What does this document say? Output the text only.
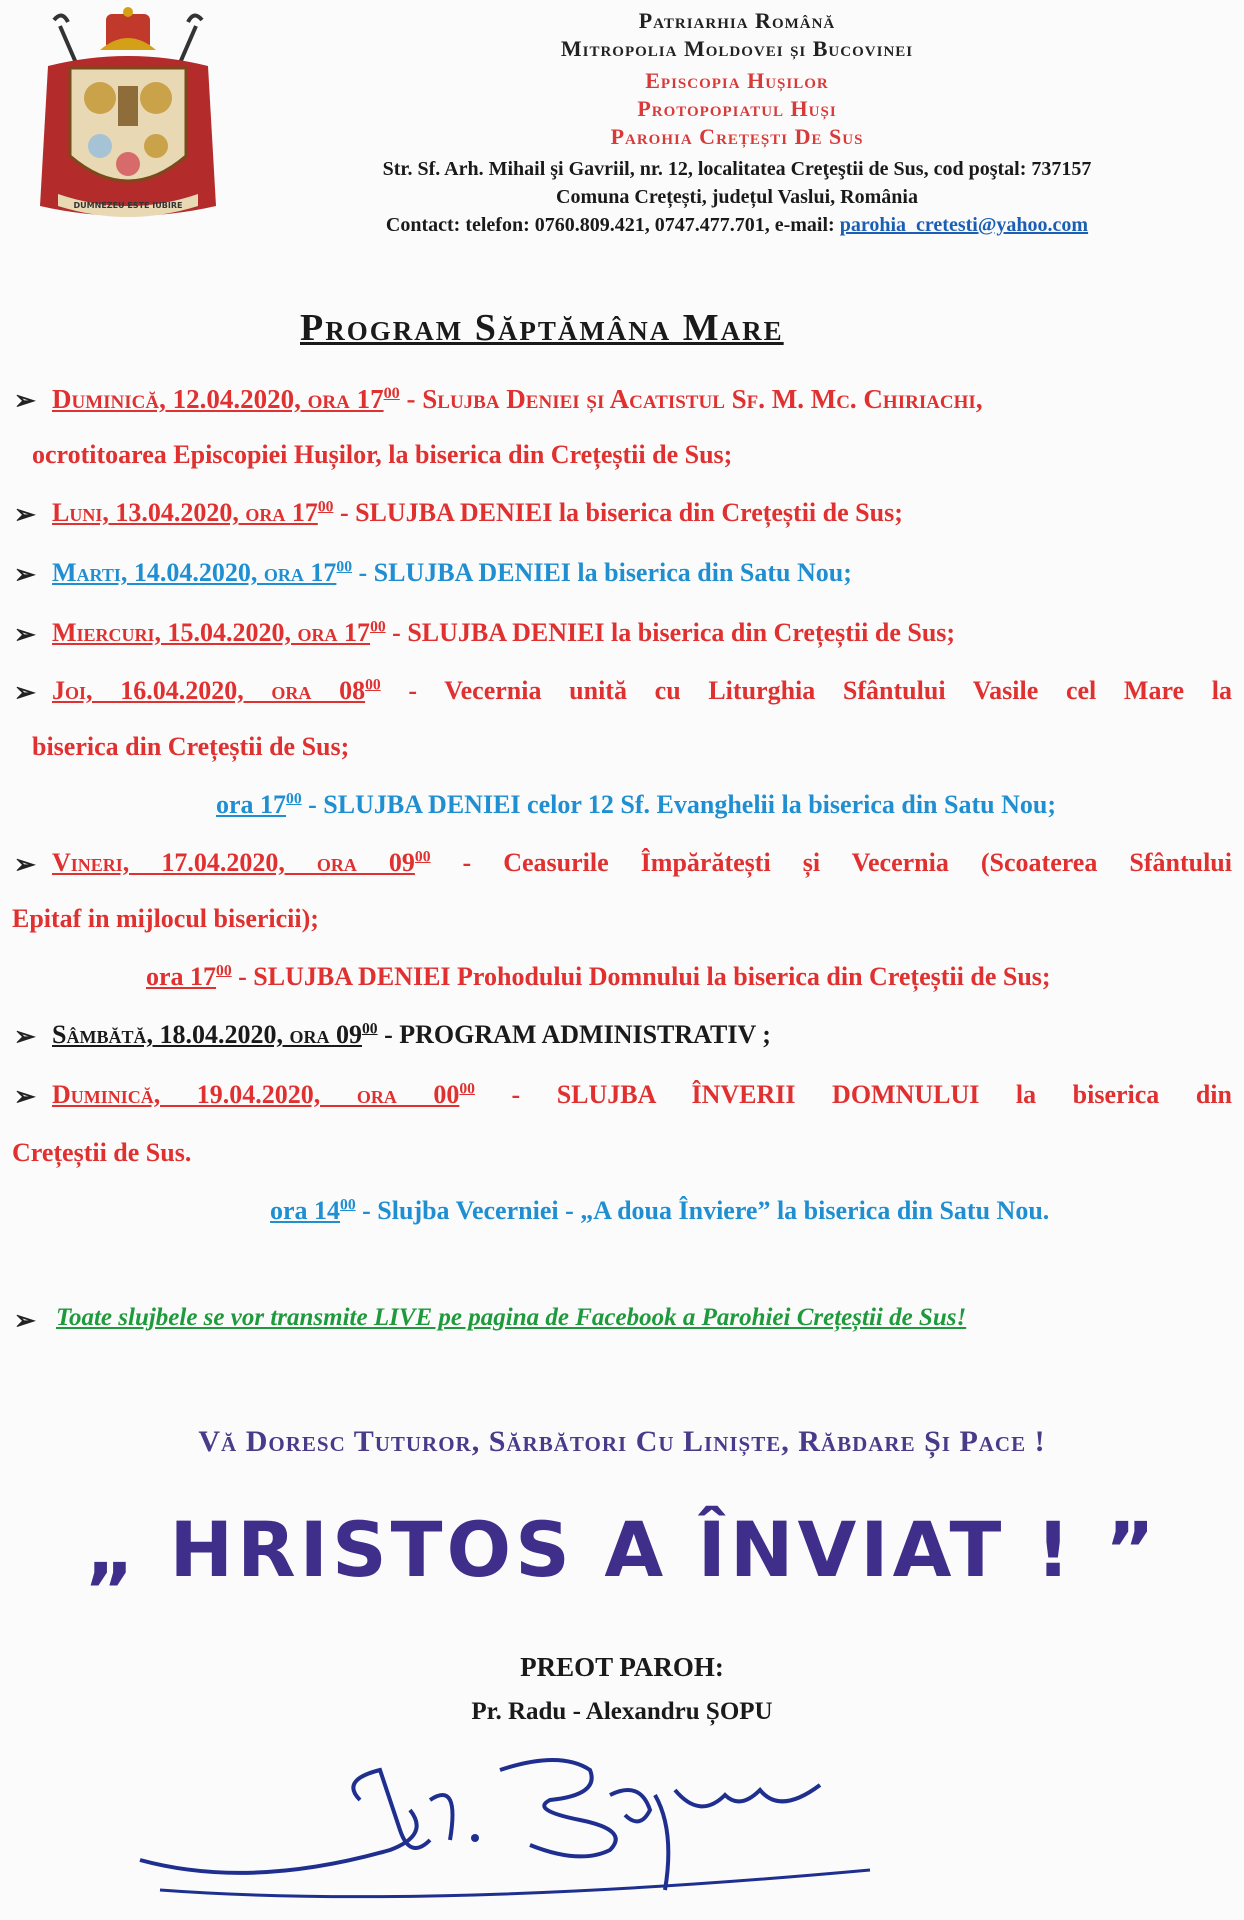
DUMNEZEU ESTE IUBIRE
Patriarhia Română
Mitropolia Moldovei și Bucovinei
Episcopia Hușilor
Protopopiatul Huși
Parohia Crețești De Sus
Str. Sf. Arh. Mihail şi Gavriil, nr. 12, localitatea Creţeştii de Sus, cod poştal: 737157
Comuna Crețești, județul Vaslui, România
Contact: telefon: 0760.809.421, 0747.477.701, e-mail: parohia_cretesti@yahoo.com
Program Săptămâna Mare
➢ Duminică, 12.04.2020, ora $17^{00}$ - Slujba Deniei și Acatistul Sf. M. Mc. Chiriachi,
ocrotitoarea Episcopiei Hușilor, la biserica din Crețeștii de Sus;
➢ Luni, 13.04.2020, ora $17^{00}$ - SLUJBA DENIEI la biserica din Crețeștii de Sus;
➢ Marti, 14.04.2020, ora $17^{00}$ - SLUJBA DENIEI la biserica din Satu Nou;
➢ Miercuri, 15.04.2020, ora $17^{00}$ - SLUJBA DENIEI la biserica din Crețeștii de Sus;
➢ Joi, 16.04.2020, ora $08^{00}$ - Vecernia unită cu Liturghia Sfântului Vasile cel Mare la
biserica din Crețeștii de Sus;
ora $17^{00}$ - SLUJBA DENIEI celor 12 Sf. Evanghelii la biserica din Satu Nou;
➢ Vineri, 17.04.2020, ora $09^{00}$ - Ceasurile Împărătești și Vecernia (Scoaterea Sfântului
Epitaf in mijlocul bisericii);
ora $17^{00}$ - SLUJBA DENIEI Prohodului Domnului la biserica din Crețeștii de Sus;
➢ Sâmbătă, 18.04.2020, ora $09^{00}$ - PROGRAM ADMINISTRATIV ;
➢ Duminică, 19.04.2020, ora $00^{00}$ - SLUJBA ÎNVERII DOMNULUI la biserica din
Crețeștii de Sus.
ora $14^{00}$ - Slujba Vecerniei - „A doua Înviere” la biserica din Satu Nou.
➢ Toate slujbele se vor transmite LIVE pe pagina de Facebook a Parohiei Crețeștii de Sus!
Vă Doresc Tuturor, Sărbători Cu Liniște, Răbdare Și Pace !
„ HRISTOS A ÎNVIAT ! ”
PREOT PAROH:
Pr. Radu - Alexandru ȘOPU
